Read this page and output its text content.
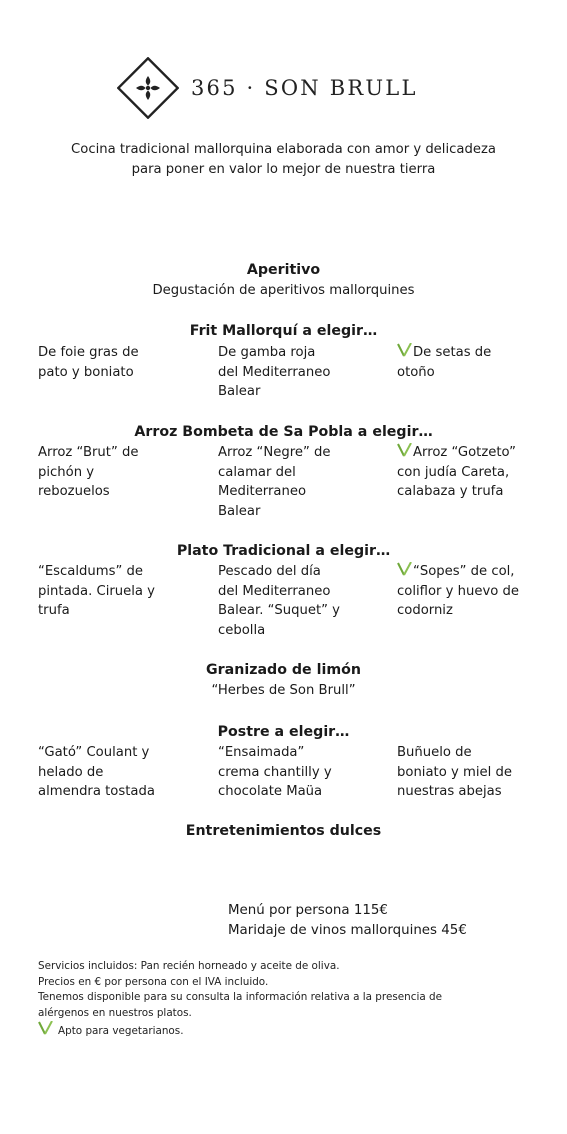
365 · SON BRULL
Cocina tradicional mallorquina elaborada con amor y delicadeza
para poner en valor lo mejor de nuestra tierra
Aperitivo
Degustación de aperitivos mallorquines
Frit Mallorquí a elegir…
De foie gras de
pato y boniato
De gamba roja
del Mediterraneo
Balear
De setas de
otoño
Arroz Bombeta de Sa Pobla a elegir…
Arroz “Brut” de
pichón y
rebozuelos
Arroz “Negre” de
calamar del
Mediterraneo
Balear
Arroz “Gotzeto”
con judía Careta,
calabaza y trufa
Plato Tradicional a elegir…
“Escaldums” de
pintada. Ciruela y
trufa
Pescado del día
del Mediterraneo
Balear. “Suquet” y
cebolla
“Sopes” de col,
coliflor y huevo de
codorniz
Granizado de limón
“Herbes de Son Brull”
Postre a elegir…
“Gató” Coulant y
helado de
almendra tostada
“Ensaimada”
crema chantilly y
chocolate Maüa
Buñuelo de
boniato y miel de
nuestras abejas
Entretenimientos dulces
Menú por persona 115€
Maridaje de vinos mallorquines 45€
Servicios incluidos: Pan recién horneado y aceite de oliva.
Precios en € por persona con el IVA incluido.
Tenemos disponible para su consulta la información relativa a la presencia de
alérgenos en nuestros platos.
Apto para vegetarianos.
